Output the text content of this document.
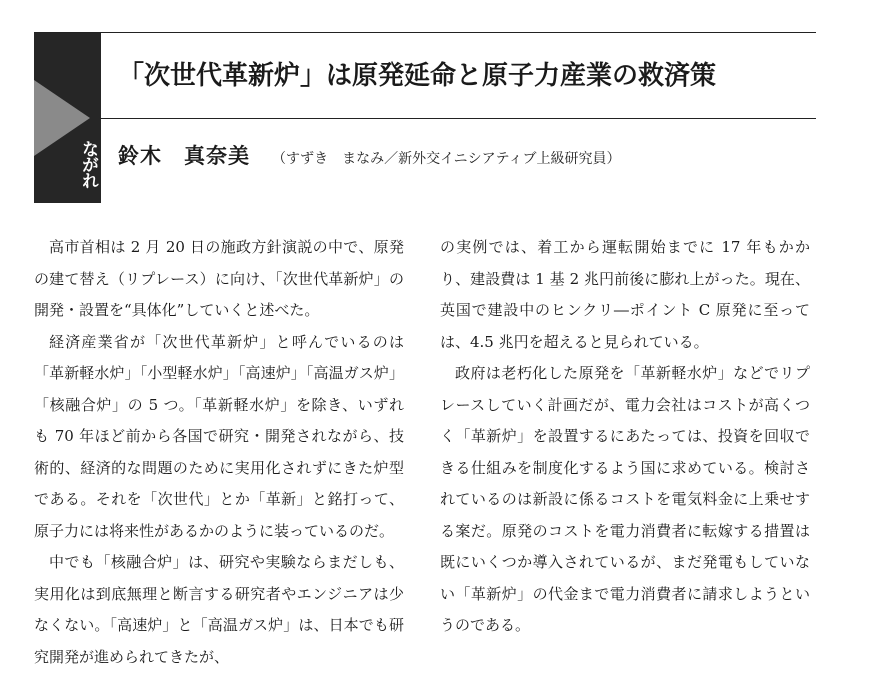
ながれ
「次世代革新炉」は原発延命と原子力産業の救済策
鈴木　真奈美 （すずき　まなみ／新外交イニシアティブ上級研究員）

高市首相は 2 月 20 日の施政方針演説の中で、原発の建て替え（リプレース）に向け、「次世代革新炉」の開発・設置を“具体化”していくと述べた。

経済産業省が「次世代革新炉」と呼んでいるのは「革新軽水炉」「小型軽水炉」「高速炉」「高温ガス炉」「核融合炉」の 5 つ。「革新軽水炉」を除き、いずれも 70 年ほど前から各国で研究・開発されながら、技術的、経済的な問題のために実用化されずにきた炉型である。それを「次世代」とか「革新」と銘打って、原子力には将来性があるかのように装っているのだ。

中でも「核融合炉」は、研究や実験ならまだしも、実用化は到底無理と断言する研究者やエンジニアは少なくない。「高速炉」と「高温ガス炉」は、日本でも研究開発が進められてきたが、

の実例では、着工から運転開始までに 17 年もかかり、建設費は 1 基 2 兆円前後に膨れ上がった。現在、英国で建設中のヒンクリ―ポイント C 原発に至っては、4.5 兆円を超えると見られている。

政府は老朽化した原発を「革新軽水炉」などでリプレースしていく計画だが、電力会社はコストが高くつく「革新炉」を設置するにあたっては、投資を回収できる仕組みを制度化するよう国に求めている。検討されているのは新設に係るコストを電気料金に上乗せする案だ。原発のコストを電力消費者に転嫁する措置は既にいくつか導入されているが、まだ発電もしていない「革新炉」の代金まで電力消費者に請求しようというのである。
